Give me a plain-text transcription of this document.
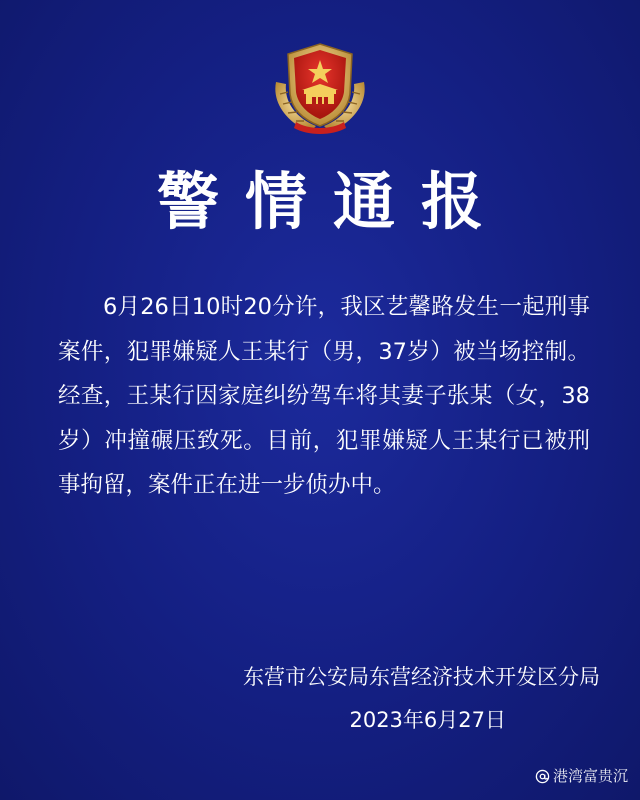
警情通报

6月26日10时20分许，我区艺馨路发生一起刑事案件，犯罪嫌疑人王某行（男，37岁）被当场控制。经查，王某行因家庭纠纷驾车将其妻子张某（女，38岁）冲撞碾压致死。目前，犯罪嫌疑人王某行已被刑事拘留，案件正在进一步侦办中。

东营市公安局东营经济技术开发区分局
2023年6月27日
港湾富贵沉
